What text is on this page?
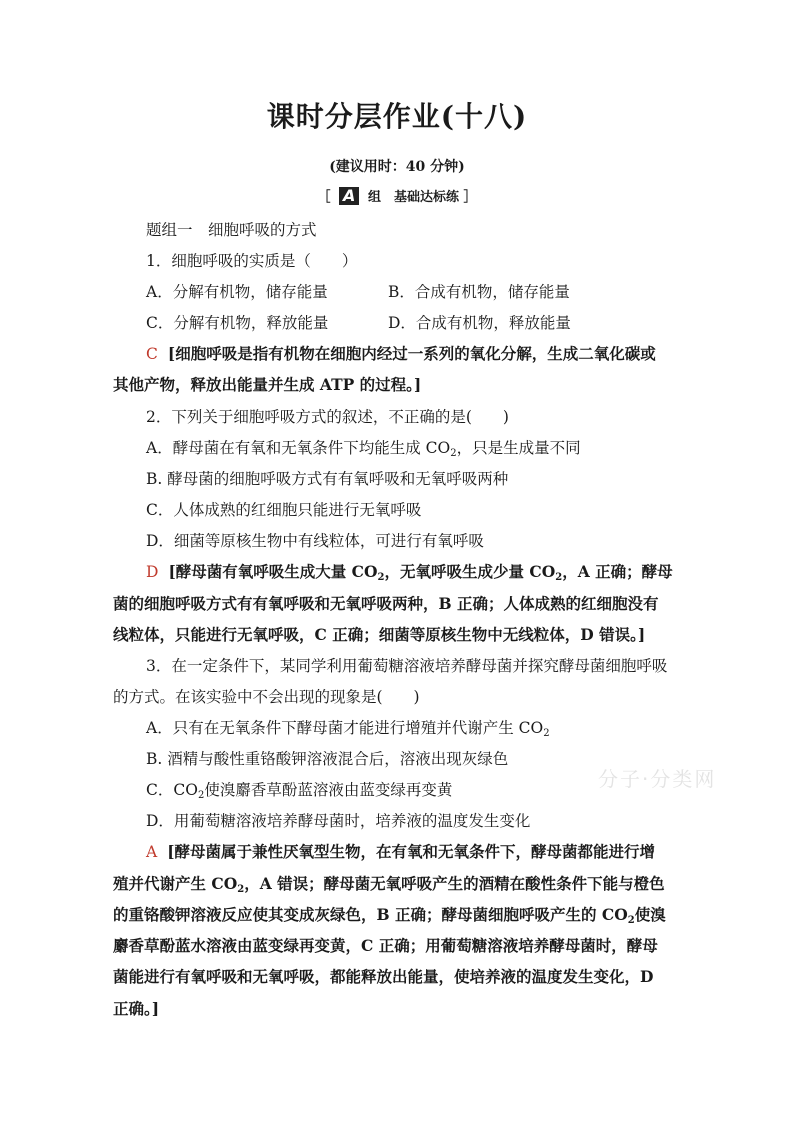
课时分层作业(十八)
(建议用时：40 分钟)
［ A 组　基础达标练 ］
题组一　细胞呼吸的方式
1．细胞呼吸的实质是（　　）
A．分解有机物，储存能量	B．合成有机物，储存能量
C．分解有机物，释放能量	D．合成有机物，释放能量
C [细胞呼吸是指有机物在细胞内经过一系列的氧化分解，生成二氧化碳或
其他产物，释放出能量并生成 ATP 的过程。]
2．下列关于细胞呼吸方式的叙述，不正确的是(　　)
A．酵母菌在有氧和无氧条件下均能生成 $CO_2$，只是生成量不同
B. 酵母菌的细胞呼吸方式有有氧呼吸和无氧呼吸两种
C．人体成熟的红细胞只能进行无氧呼吸
D．细菌等原核生物中有线粒体，可进行有氧呼吸
D [酵母菌有氧呼吸生成大量 $CO_2$，无氧呼吸生成少量 $CO_2$，A 正确；酵母
菌的细胞呼吸方式有有氧呼吸和无氧呼吸两种，B 正确；人体成熟的红细胞没有
线粒体，只能进行无氧呼吸，C 正确；细菌等原核生物中无线粒体，D 错误。]
3．在一定条件下，某同学利用葡萄糖溶液培养酵母菌并探究酵母菌细胞呼吸
的方式。在该实验中不会出现的现象是(　　)
A．只有在无氧条件下酵母菌才能进行增殖并代谢产生 $CO_2$
B. 酒精与酸性重铬酸钾溶液混合后，溶液出现灰绿色
C．$CO_2$使溴麝香草酚蓝溶液由蓝变绿再变黄
D．用葡萄糖溶液培养酵母菌时，培养液的温度发生变化
A [酵母菌属于兼性厌氧型生物，在有氧和无氧条件下，酵母菌都能进行增
殖并代谢产生 $CO_2$，A 错误；酵母菌无氧呼吸产生的酒精在酸性条件下能与橙色
的重铬酸钾溶液反应使其变成灰绿色，B 正确；酵母菌细胞呼吸产生的 $CO_2$使溴
麝香草酚蓝水溶液由蓝变绿再变黄，C 正确；用葡萄糖溶液培养酵母菌时，酵母
菌能进行有氧呼吸和无氧呼吸，都能释放出能量，使培养液的温度发生变化，D
正确。]
分子·分类网
